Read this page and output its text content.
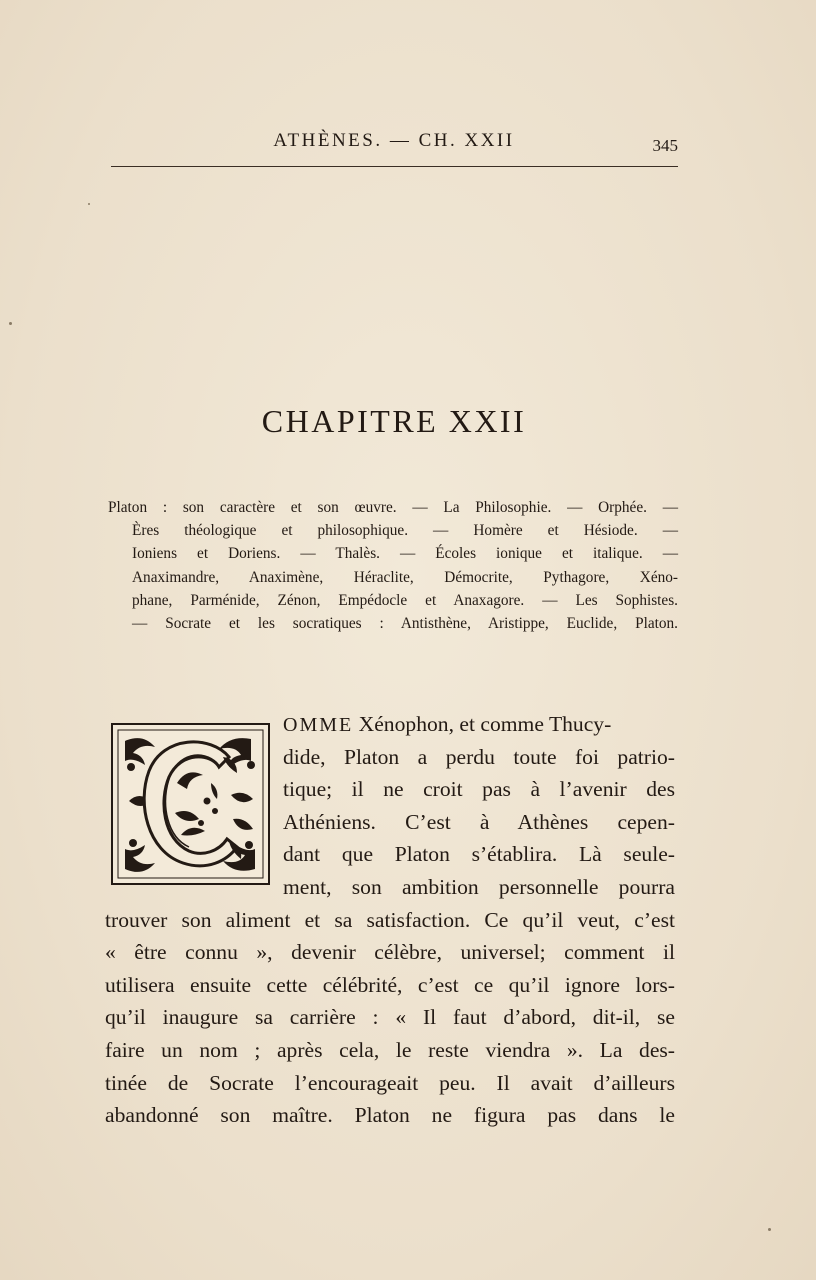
ATHÈNES. — CH. XXII	345
CHAPITRE XXII
Platon : son caractère et son œuvre. — La Philosophie. — Orphée. —
Ères théologique et philosophique. — Homère et Hésiode. —
Ioniens et Doriens. — Thalès. — Écoles ionique et italique. —
Anaximandre, Anaximène, Héraclite, Démocrite, Pythagore, Xéno-
phane, Parménide, Zénon, Empédocle et Anaxagore. — Les Sophistes.
— Socrate et les socratiques : Antisthène, Aristippe, Euclide, Platon.
OMME Xénophon, et comme Thucy-
dide, Platon a perdu toute foi patrio-
tique; il ne croit pas à l’avenir des
Athéniens. C’est à Athènes cepen-
dant que Platon s’établira. Là seule-
ment, son ambition personnelle pourra
trouver son aliment et sa satisfaction. Ce qu’il veut, c’est
« être connu », devenir célèbre, universel; comment il
utilisera ensuite cette célébrité, c’est ce qu’il ignore lors-
qu’il inaugure sa carrière : « Il faut d’abord, dit-il, se
faire un nom ; après cela, le reste viendra ». La des-
tinée de Socrate l’encourageait peu. Il avait d’ailleurs
abandonné son maître. Platon ne figura pas dans le
